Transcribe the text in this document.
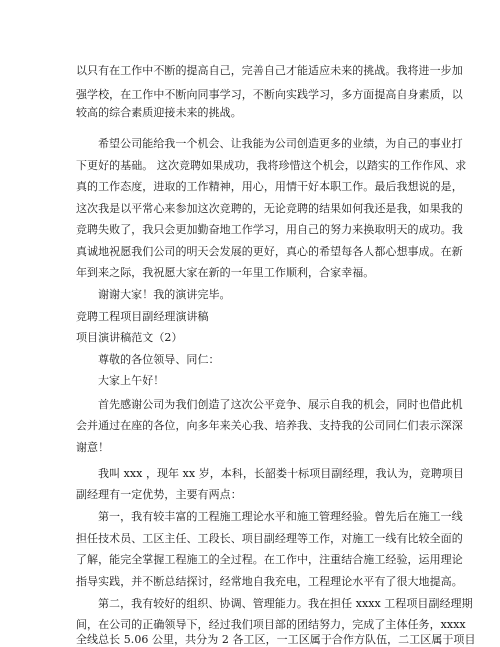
以只有在工作中不断的提高自己，完善自己才能适应未来的挑战。我将进一步加
强学校，在工作中不断向同事学习，不断向实践学习，多方面提高自身素质，以
较高的综合素质迎接未来的挑战。
希望公司能给我一个机会、让我能为公司创造更多的业绩，为自己的事业打
下更好的基础。 这次竞聘如果成功，我将珍惜这个机会，以踏实的工作作风、求
真的工作态度，进取的工作精神，用心，用情干好本职工作。最后我想说的是，
这次我是以平常心来参加这次竞聘的，无论竞聘的结果如何我还是我，如果我的
竞聘失败了，我只会更加勤奋地工作学习，用自己的努力来换取明天的成功。我
真诚地祝愿我们公司的明天会发展的更好，真心的希望每各人都心想事成。在新
年到来之际，我祝愿大家在新的一年里工作顺利，合家幸福。
谢谢大家！我的演讲完毕。
竞聘工程项目副经理演讲稿
项目演讲稿范文（2）
尊敬的各位领导、同仁：
大家上午好！
首先感谢公司为我们创造了这次公平竞争、展示自我的机会，同时也借此机
会并通过在座的各位，向多年来关心我、培养我、支持我的公司同仁们表示深深
谢意！
我叫 xxx ，现年 xx 岁，本科，长韶娄十标项目副经理，我认为，竞聘项目
副经理有一定优势，主要有两点：
第一，我有较丰富的工程施工理论水平和施工管理经验。曾先后在施工一线
担任技术员、工区主任、工段长、项目副经理等工作，对施工一线有比较全面的
了解，能完全掌握工程施工的全过程。在工作中，注重结合施工经验，运用理论
指导实践，并不断总结探讨，经常地自我充电，工程理论水平有了很大地提高。
第二，我有较好的组织、协调、管理能力。我在担任 xxxx 工程项目副经理期
间，在公司的正确领导下，经过我们项目部的团结努力，完成了主体任务，xxxx
全线总长 5.06 公里，共分为 2 各工区，一工区属于合作方队伍，二工区属于项目
